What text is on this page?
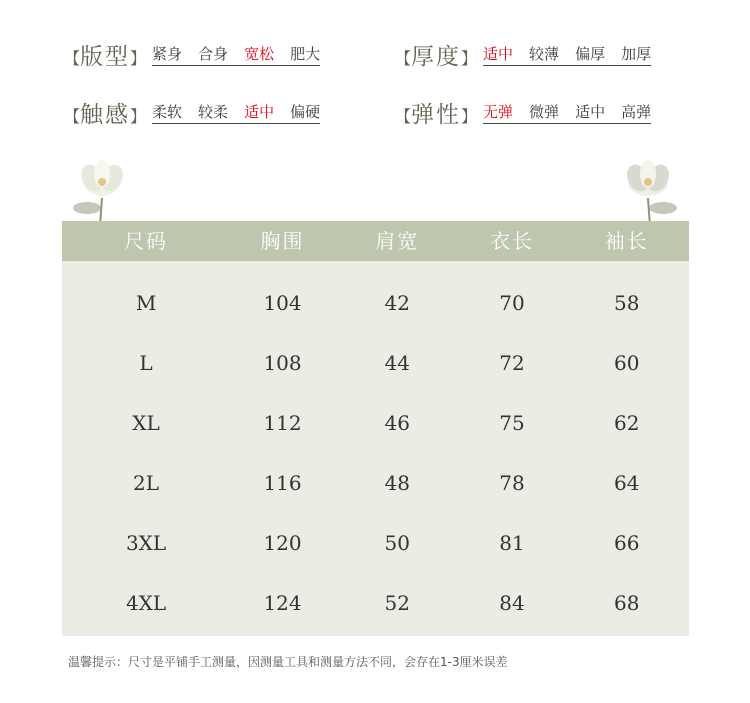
【版型】 紧身 合身 宽松 肥大	【厚度】 适中 较薄 偏厚 加厚
【触感】 柔软 较柔 适中 偏硬	【弹性】 无弹 微弹 适中 高弹
尺码	胸围	肩宽	衣长	袖长
M	104	42	70	58
L	108	44	72	60
XL	112	46	75	62
2L	116	48	78	64
3XL	120	50	81	66
4XL	124	52	84	68
温馨提示：尺寸是平铺手工测量，因测量工具和测量方法不同，会存在1-3厘米误差
